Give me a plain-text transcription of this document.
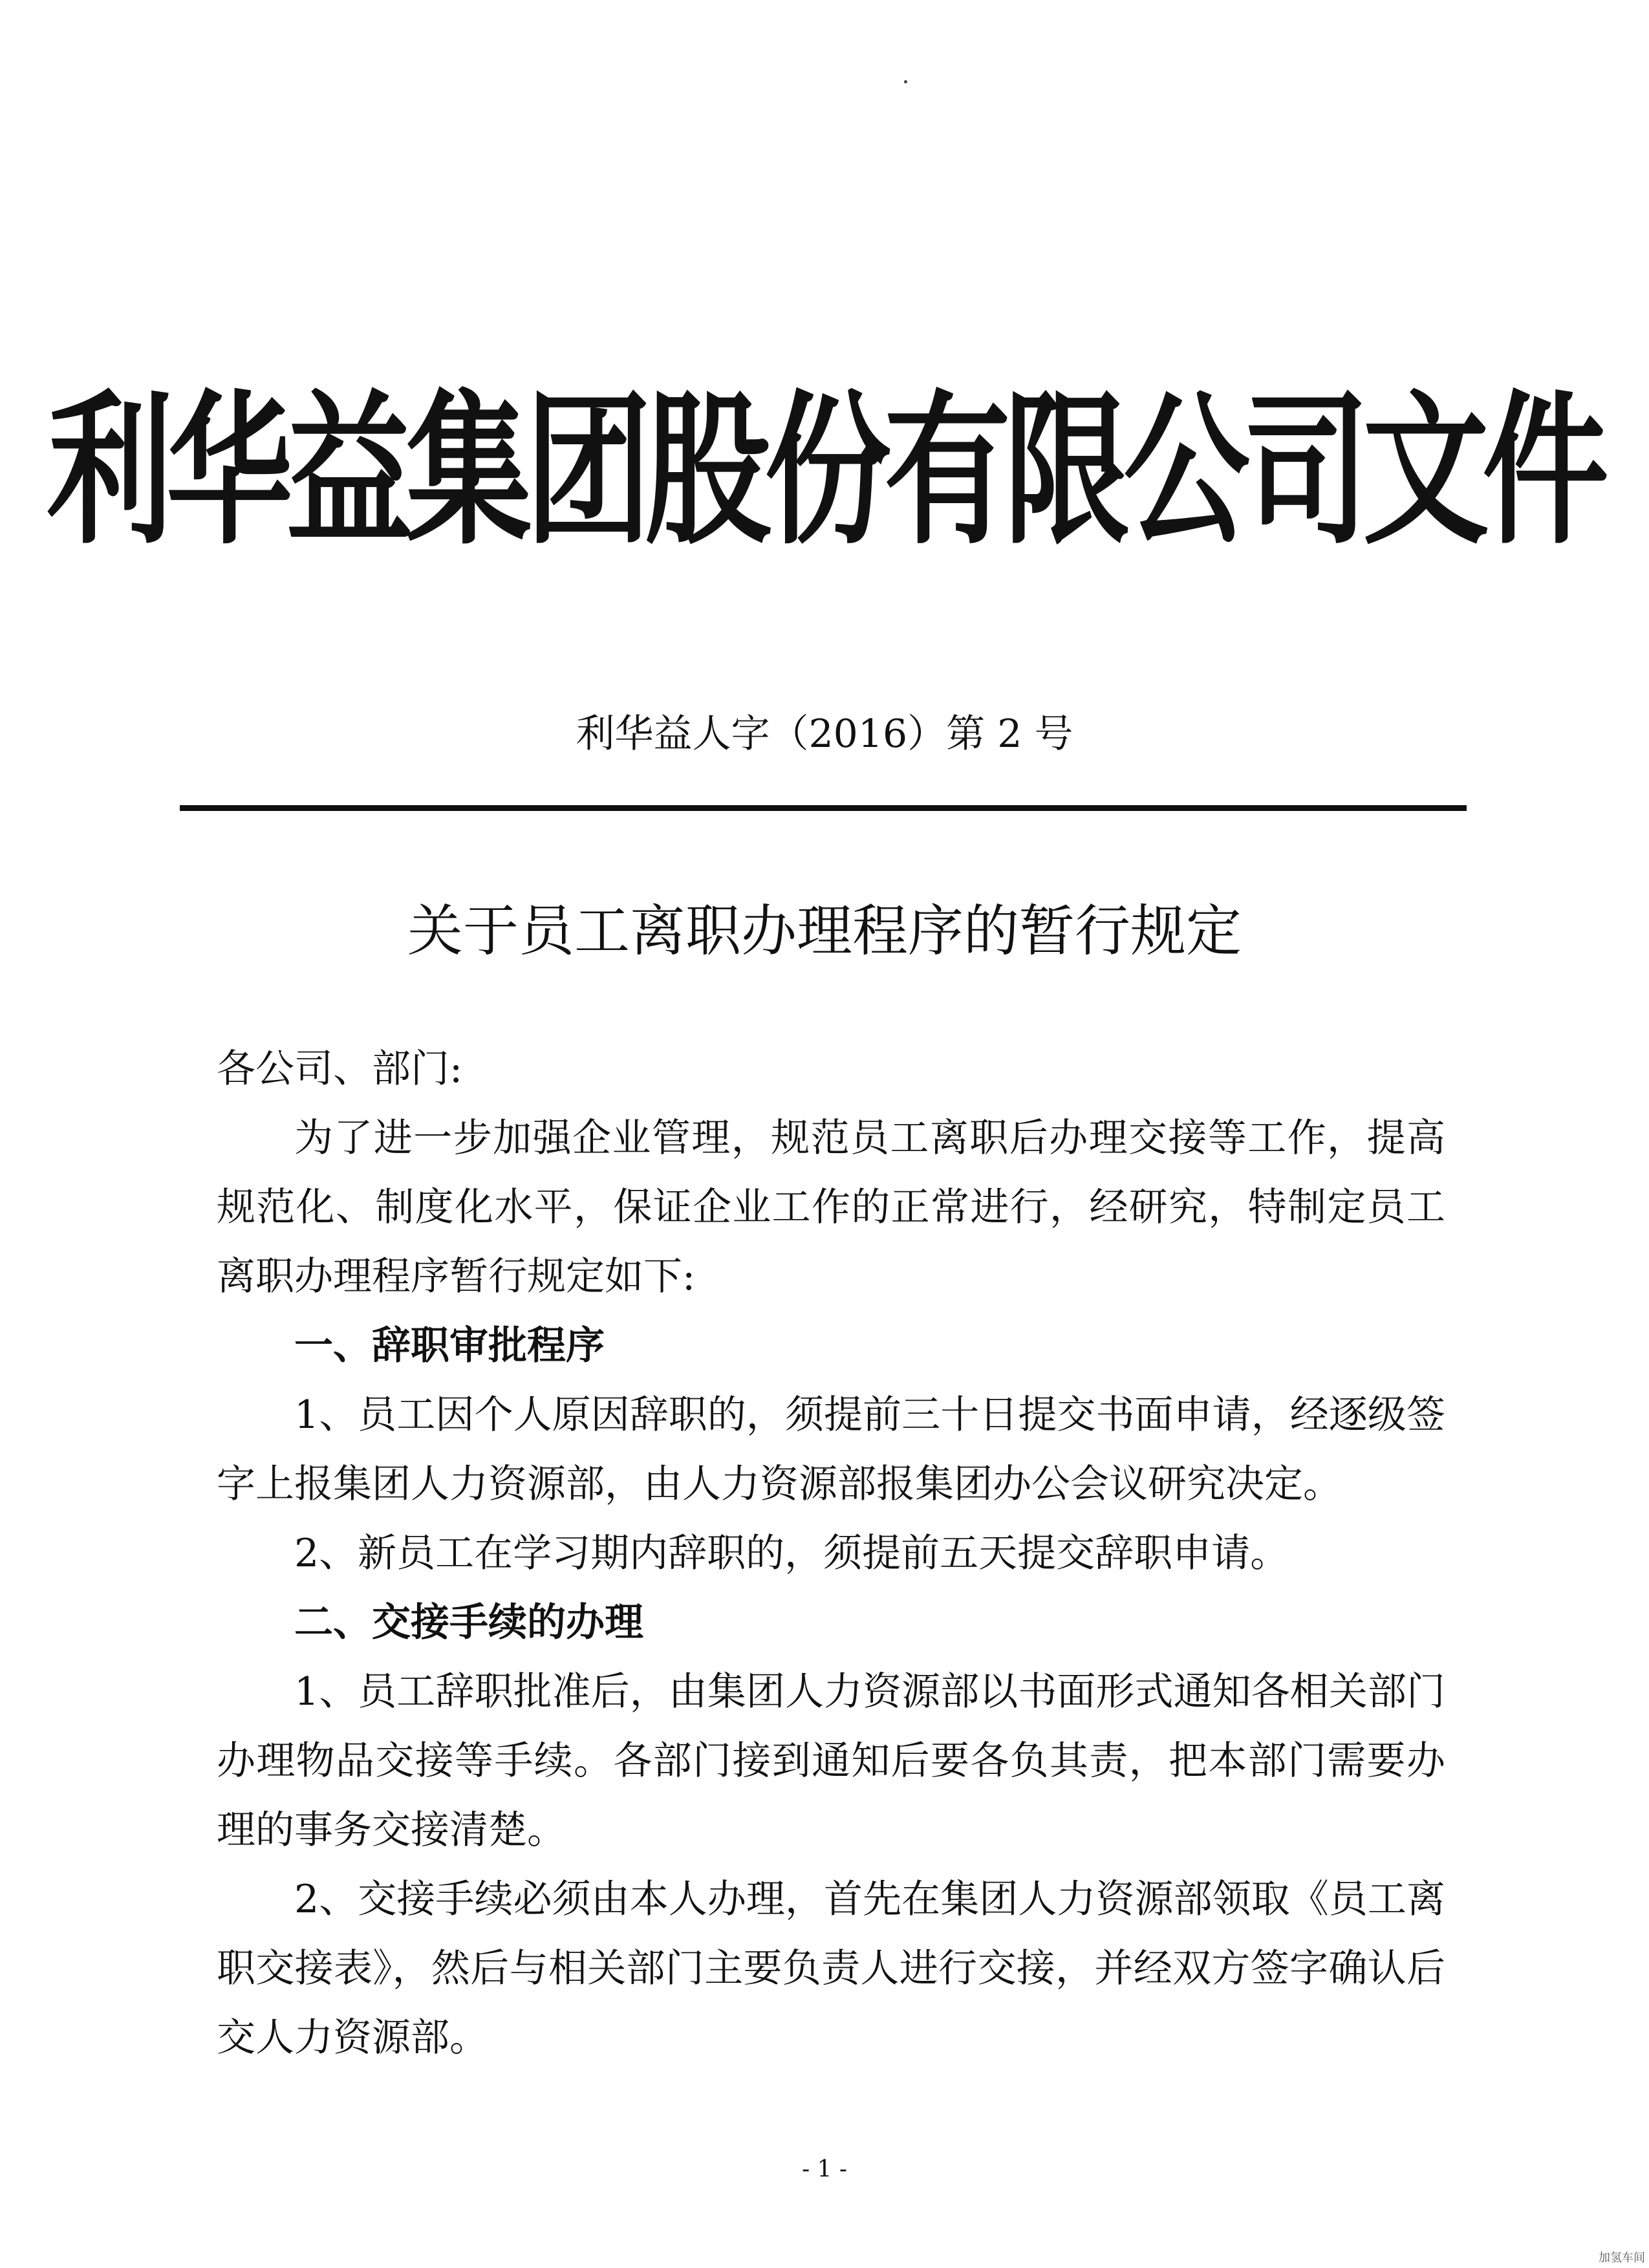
利华益集团股份有限公司文件
利华益人字（2016）第 2 号
关于员工离职办理程序的暂行规定

各公司、部门:

为了进一步加强企业管理，规范员工离职后办理交接等工作，提高规范化、制度化水平，保证企业工作的正常进行，经研究，特制定员工离职办理程序暂行规定如下:

一、辞职审批程序

1、员工因个人原因辞职的，须提前三十日提交书面申请，经逐级签字上报集团人力资源部，由人力资源部报集团办公会议研究决定。

2、新员工在学习期内辞职的，须提前五天提交辞职申请。

二、交接手续的办理

1、员工辞职批准后，由集团人力资源部以书面形式通知各相关部门办理物品交接等手续。各部门接到通知后要各负其责，把本部门需要办理的事务交接清楚。

2、交接手续必须由本人办理，首先在集团人力资源部领取《员工离职交接表》，然后与相关部门主要负责人进行交接，并经双方签字确认后交人力资源部。

- 1 -
加氢车间
